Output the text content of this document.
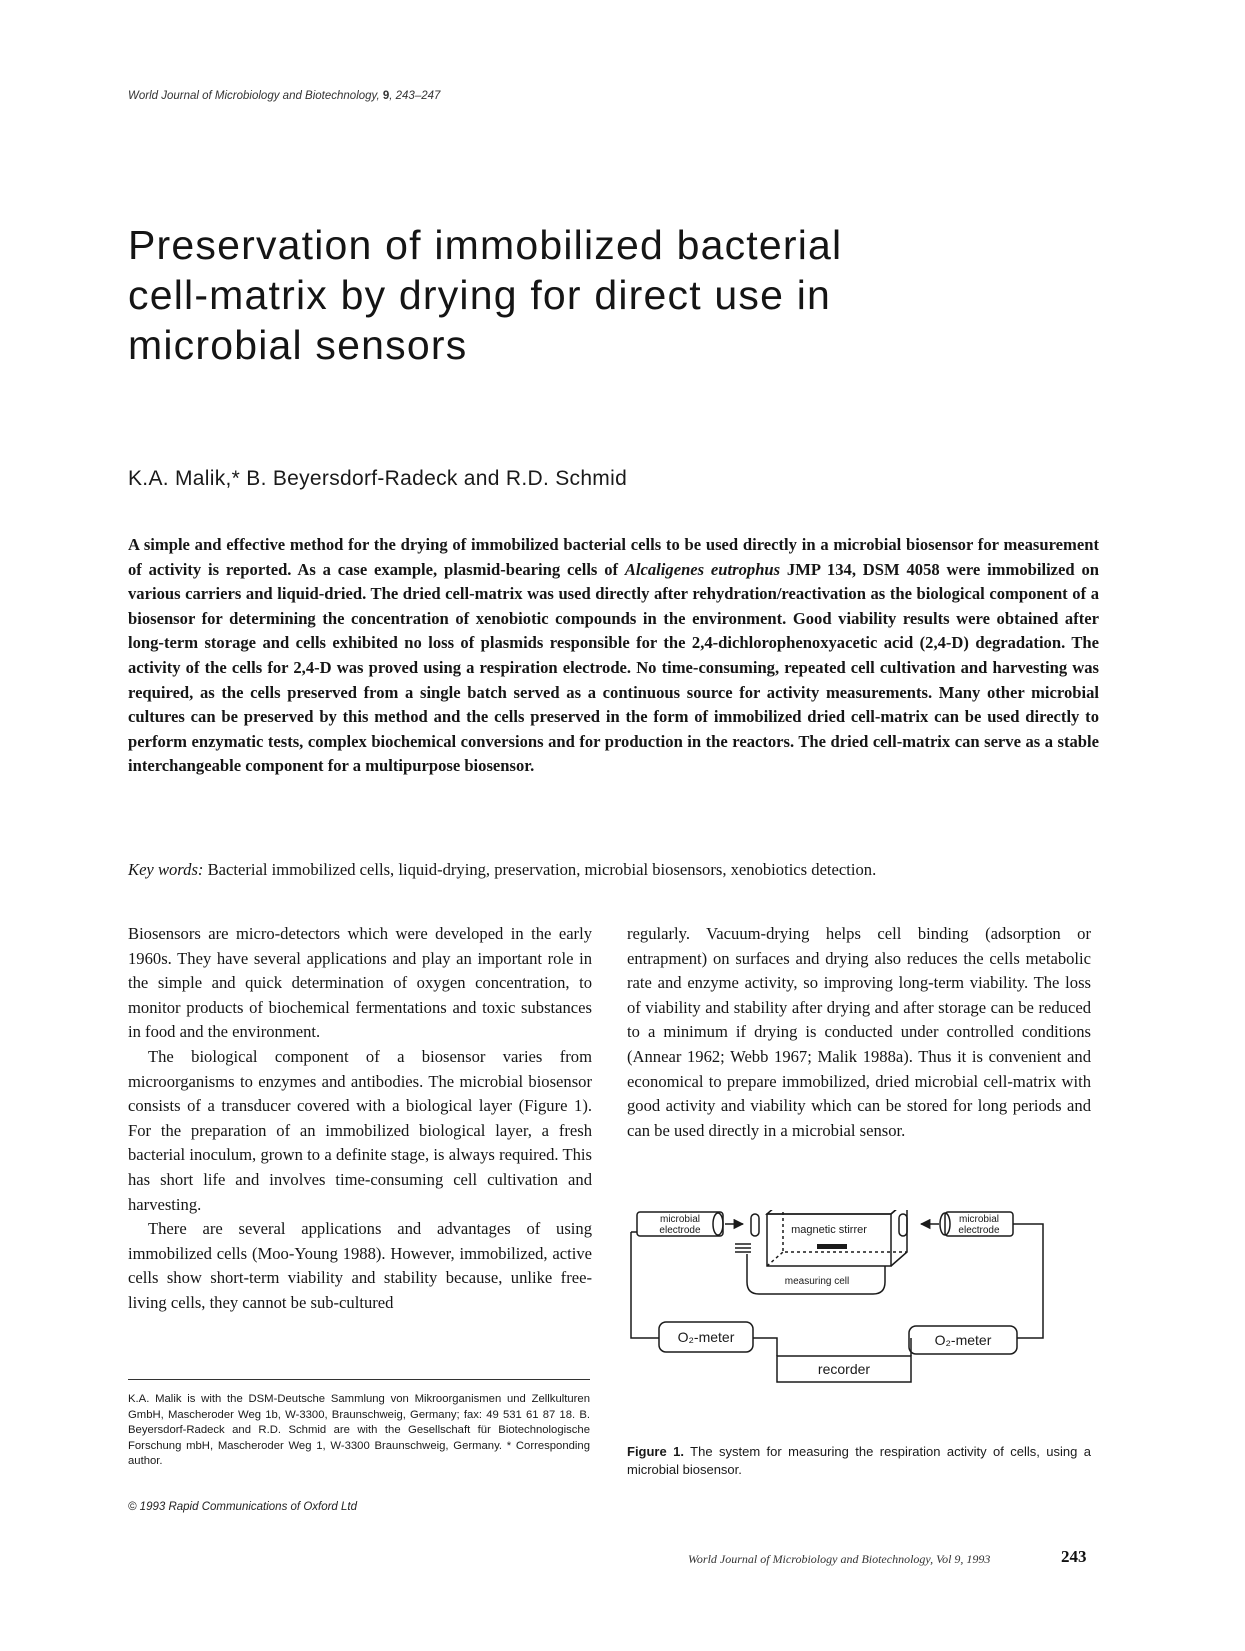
World Journal of Microbiology and Biotechnology, 9, 243–247
Preservation of immobilized bacterial
cell-matrix by drying for direct use in
microbial sensors
K.A. Malik,* B. Beyersdorf-Radeck and R.D. Schmid
A simple and effective method for the drying of immobilized bacterial cells to be used directly in a microbial biosensor for measurement of activity is reported. As a case example, plasmid-bearing cells of Alcaligenes eutrophus JMP 134, DSM 4058 were immobilized on various carriers and liquid-dried. The dried cell-matrix was used directly after rehydration/reactivation as the biological component of a biosensor for determining the concentration of xenobiotic compounds in the environment. Good viability results were obtained after long-term storage and cells exhibited no loss of plasmids responsible for the 2,4-dichlorophenoxyacetic acid (2,4-D) degradation. The activity of the cells for 2,4-D was proved using a respiration electrode. No time-consuming, repeated cell cultivation and harvesting was required, as the cells preserved from a single batch served as a continuous source for activity measurements. Many other microbial cultures can be preserved by this method and the cells preserved in the form of immobilized dried cell-matrix can be used directly to perform enzymatic tests, complex biochemical conversions and for production in the reactors. The dried cell-matrix can serve as a stable interchangeable component for a multipurpose biosensor.
Key words: Bacterial immobilized cells, liquid-drying, preservation, microbial biosensors, xenobiotics detection.

Biosensors are micro-detectors which were developed in the early 1960s. They have several applications and play an important role in the simple and quick determination of oxygen concentration, to monitor products of biochemical fermentations and toxic substances in food and the environment.

The biological component of a biosensor varies from microorganisms to enzymes and antibodies. The microbial biosensor consists of a transducer covered with a biological layer (Figure 1). For the preparation of an immobilized biological layer, a fresh bacterial inoculum, grown to a definite stage, is always required. This has short life and involves time-consuming cell cultivation and harvesting.

There are several applications and advantages of using immobilized cells (Moo-Young 1988). However, immobilized, active cells show short-term viability and stability because, unlike free-living cells, they cannot be sub-cultured

regularly. Vacuum-drying helps cell binding (adsorption or entrapment) on surfaces and drying also reduces the cells metabolic rate and enzyme activity, so improving long-term viability. The loss of viability and stability after drying and after storage can be reduced to a minimum if drying is conducted under controlled conditions (Annear 1962; Webb 1967; Malik 1988a). Thus it is convenient and economical to prepare immobilized, dried microbial cell-matrix with good activity and viability which can be stored for long periods and can be used directly in a microbial sensor.

K.A. Malik is with the DSM-Deutsche Sammlung von Mikroorganismen und Zellkulturen GmbH, Mascheroder Weg 1b, W-3300, Braunschweig, Germany; fax: 49 531 61 87 18. B. Beyersdorf-Radeck and R.D. Schmid are with the Gesellschaft für Biotechnologische Forschung mbH, Mascheroder Weg 1, W-3300 Braunschweig, Germany. * Corresponding author.
© 1993 Rapid Communications of Oxford Ltd
microbial
electrode
microbial
electrode
magnetic stirrer
measuring cell
O₂-meter	O₂-meter
recorder
Figure 1. The system for measuring the respiration activity of cells, using a microbial biosensor.
World Journal of Microbiology and Biotechnology, Vol 9, 1993	243
